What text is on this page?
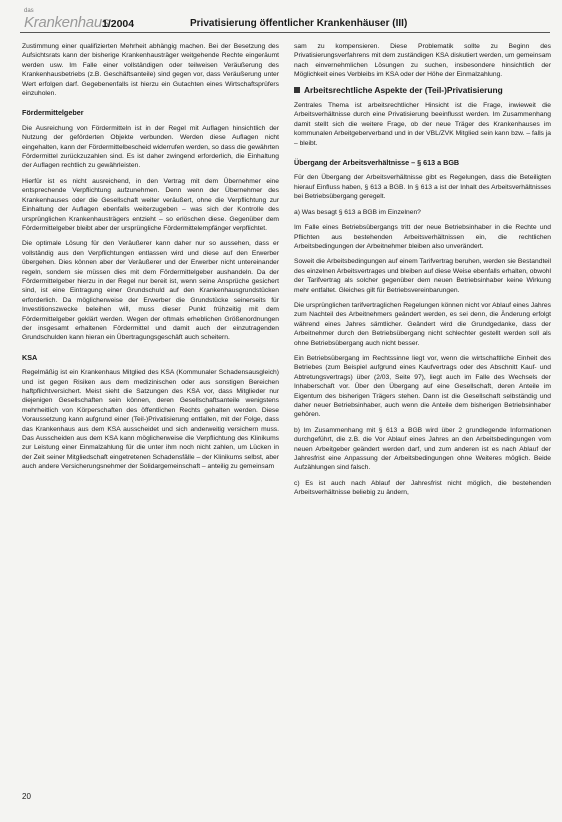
das
Krankenhaus
1/2004	Privatisierung öffentlicher Krankenhäuser (III)

Zustimmung einer qualifizierten Mehrheit abhängig machen. Bei der Besetzung des Aufsichtsrats kann der bisherige Krankenhausträger weitgehende Rechte eingeräumt werden usw. Im Falle einer vollständigen oder teilweisen Veräußerung des Krankenhausbetriebs (z.B. Geschäftsanteile) sind gegen vor, dass Veräußerung unter Wert erfolgen darf. Gegebenenfalls ist hierzu ein Gutachten eines Wirtschaftsprüfers einzuholen.

Fördermittelgeber

Die Ausreichung von Fördermitteln ist in der Regel mit Auflagen hinsichtlich der Nutzung der geförderten Objekte verbunden. Werden diese Auflagen nicht eingehalten, kann der Fördermittelbescheid widerrufen werden, so dass die gewährten Fördermittel zurückzuzahlen sind. Es ist daher zwingend erforderlich, die Einhaltung der Auflagen rechtlich zu gewährleisten.

Hierfür ist es nicht ausreichend, in den Vertrag mit dem Übernehmer eine entsprechende Verpflichtung aufzunehmen. Denn wenn der Übernehmer des Krankenhauses oder die Gesellschaft weiter veräußert, ohne die Verpflichtung zur Einhaltung der Auflagen ebenfalls weiterzugeben – was sich der Kontrolle des ursprünglichen Krankenhausträgers entzieht – so erlöschen diese. Gegenüber dem Fördermittelgeber bleibt aber der ursprüngliche Fördermittelempfänger verpflichtet.

Die optimale Lösung für den Veräußerer kann daher nur so aussehen, dass er vollständig aus den Verpflichtungen entlassen wird und diese auf den Erwerber übergehen. Dies können aber der Veräußerer und der Erwerber nicht untereinander regeln, sondern sie müssen dies mit dem Fördermittelgeber aushandeln. Da der Fördermittelgeber hierzu in der Regel nur bereit ist, wenn seine Ansprüche gesichert sind, ist eine Eintragung einer Grundschuld auf den Krankenhausgrundstücken erforderlich. Da möglicherweise der Erwerber die Grundstücke seinerseits für Investitionszwecke beleihen will, muss dieser Punkt frühzeitig mit dem Fördermittelgeber geklärt werden. Wegen der oftmals erheblichen Größenordnungen der insgesamt erhaltenen Fördermittel und damit auch der einzutragenden Grundschulden kann hieran ein Übertragungsgeschäft auch scheitern.

KSA

Regelmäßig ist ein Krankenhaus Mitglied des KSA (Kommunaler Schadensausgleich) und ist gegen Risiken aus dem medizinischen oder aus sonstigen Bereichen haftpflichtversichert. Meist sieht die Satzungen des KSA vor, dass Mitglieder nur diejenigen Gesellschaften sein können, deren Gesellschaftsanteile wenigstens mehrheitlich von Körperschaften des öffentlichen Rechts gehalten werden. Diese Voraussetzung kann aufgrund einer (Teil-)Privatisierung entfallen, mit der Folge, dass das Krankenhaus aus dem KSA ausscheidet und sich anderweitig versichern muss. Das Ausscheiden aus dem KSA kann möglicherweise die Verpflichtung des Klinikums zur Leistung einer Einmalzahlung für die unter ihm noch nicht zahlen, um Lücken in der Zeit seiner Mitgliedschaft eingetretenen Schadensfälle – der Klinikums selbst, aber auch andere Versicherungsnehmer der Solidargemeinschaft – anteilig zu gemeinsam

sam zu kompensieren. Diese Problematik sollte zu Beginn des Privatisierungsverfahrens mit dem zuständigen KSA diskutiert werden, um gemeinsam nach einvernehmlichen Lösungen zu suchen, insbesondere hinsichtlich der Möglichkeit eines Verbleibs im KSA oder der Höhe der Einmalzahlung.

Arbeitsrechtliche Aspekte der (Teil-)Privatisierung

Zentrales Thema ist arbeitsrechtlicher Hinsicht ist die Frage, inwieweit die Arbeitsverhältnisse durch eine Privatisierung beeinflusst werden. Im Zusammenhang damit stellt sich die weitere Frage, ob der neue Träger des Krankenhauses im kommunalen Arbeitgeberverband und in der VBL/ZVK Mitglied sein kann bzw. – falls ja – bleibt.

Übergang der Arbeitsverhältnisse – § 613 a BGB

Für den Übergang der Arbeitsverhältnisse gibt es Regelungen, dass die Beteiligten hierauf Einfluss haben, § 613 a BGB. In § 613 a ist der Inhalt des Arbeitsverhältnisses bei Betriebsübergang geregelt.

a) Was besagt § 613 a BGB im Einzelnen?

Im Falle eines Betriebsübergangs tritt der neue Betriebsinhaber in die Rechte und Pflichten aus bestehenden Arbeitsverhältnissen ein, die rechtlichen Arbeitsbedingungen der Arbeitnehmer bleiben also unverändert.

Soweit die Arbeitsbedingungen auf einem Tarifvertrag beruhen, werden sie Bestandteil des einzelnen Arbeitsvertrages und bleiben auf diese Weise ebenfalls erhalten, obwohl der Tarifvertrag als solcher gegenüber dem neuen Betriebsinhaber keine Wirkung mehr entfaltet. Gleiches gilt für Betriebsvereinbarungen.

Die ursprünglichen tarifvertraglichen Regelungen können nicht vor Ablauf eines Jahres zum Nachteil des Arbeitnehmers geändert werden, es sei denn, die Änderung erfolgt während eines Jahres sämtlicher. Geändert wird die Grundgedanke, dass der Arbeitnehmer durch den Betriebsübergang nicht schlechter gestellt werden soll als ohne Betriebsübergang auch nicht besser.

Ein Betriebsübergang im Rechtssinne liegt vor, wenn die wirtschaftliche Einheit des Betriebes (zum Beispiel aufgrund eines Kaufvertrags oder des Abschnitt Kauf- und Abtretungsvertrags) über (2/03, Seite 97), liegt auch im Falle des Wechsels der Inhaberschaft vor. Über den Übergang auf eine Gesellschaft, deren Anteile im Eigentum des bisherigen Trägers stehen. Dann ist die Gesellschaft selbständig und daher neuer Betriebsinhaber, auch wenn die Anteile dem bisherigen Betriebsinhaber gehören.

b) Im Zusammenhang mit § 613 a BGB wird über 2 grundlegende Informationen durchgeführt, die z.B. die Vor Ablauf eines Jahres an den Arbeitsbedingungen vom neuen Arbeitgeber geändert werden darf, und zum anderen ist es nach Ablauf der Jahresfrist eine Anpassung der Arbeitsbedingungen ohne Weiteres möglich. Beide Aufzählungen sind falsch.

c) Es ist auch nach Ablauf der Jahresfrist nicht möglich, die bestehenden Arbeitsverhältnisse beliebig zu ändern,

20
